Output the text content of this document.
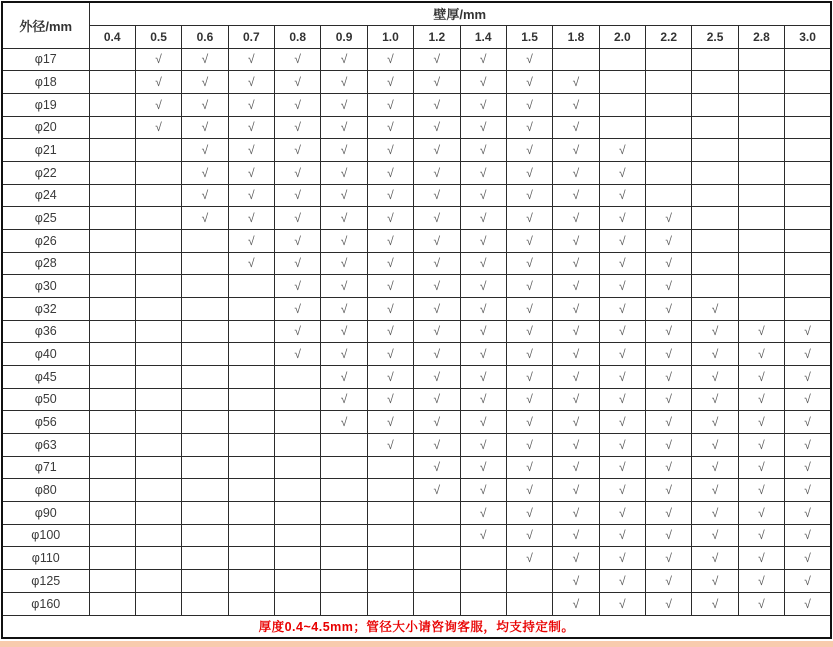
外径/mm	壁厚/mm															
	0.4	0.5	0.6	0.7	0.8	0.9	1.0	1.2	1.4	1.5	1.8	2.0	2.2	2.5	2.8	3.0
φ17		√	√	√	√	√	√	√	√	√						
φ18		√	√	√	√	√	√	√	√	√	√					
φ19		√	√	√	√	√	√	√	√	√	√					
φ20		√	√	√	√	√	√	√	√	√	√					
φ21			√	√	√	√	√	√	√	√	√	√				
φ22			√	√	√	√	√	√	√	√	√	√				
φ24			√	√	√	√	√	√	√	√	√	√				
φ25			√	√	√	√	√	√	√	√	√	√	√			
φ26				√	√	√	√	√	√	√	√	√	√			
φ28				√	√	√	√	√	√	√	√	√	√			
φ30					√	√	√	√	√	√	√	√	√			
φ32					√	√	√	√	√	√	√	√	√	√		
φ36					√	√	√	√	√	√	√	√	√	√	√	√
φ40					√	√	√	√	√	√	√	√	√	√	√	√
φ45						√	√	√	√	√	√	√	√	√	√	√
φ50						√	√	√	√	√	√	√	√	√	√	√
φ56						√	√	√	√	√	√	√	√	√	√	√
φ63							√	√	√	√	√	√	√	√	√	√
φ71								√	√	√	√	√	√	√	√	√
φ80								√	√	√	√	√	√	√	√	√
φ90									√	√	√	√	√	√	√	√
φ100									√	√	√	√	√	√	√	√
φ110										√	√	√	√	√	√	√
φ125											√	√	√	√	√	√
φ160											√	√	√	√	√	√
厚度0.4~4.5mm；管径大小请咨询客服，均支持定制。																
